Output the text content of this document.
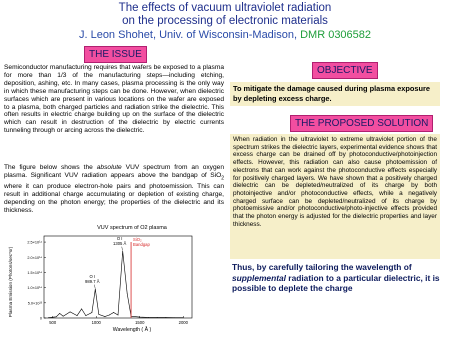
The effects of vacuum ultraviolet radiation
on the processing of electronic materials
J. Leon Shohet, Univ. of Wisconsin-Madison, DMR 0306582
THE ISSUE
Semiconductor manufacturing requires that wafers be exposed to a plasma for more than 1/3 of the manufacturing steps—including etching, deposition, ashing, etc. In many cases, plasma processing is the only way in which these manufacturing steps can be done. However, when dielectric surfaces which are present in various locations on the wafer are exposed to a plasma, both charged particles and radiation strike the dielectric. This often results in electric charge building up on the surface of the dielectric which can result in destruction of the dielectric by electric currents tunneling through or arcing across the dielectric.
The figure below shows the absolute VUV spectrum from an oxygen plasma. Significant VUV radiation appears above the bandgap of SiO$_2$ where it can produce electron-hole pairs and photoemission. This can result in additional charge accumulating or depletion of existing charge, depending on the photon energy; the properties of the dielectric and its thickness.
OBJECTIVE
To mitigate the damage caused during plasma exposure by depleting excess charge.
THE PROPOSED SOLUTION
When radiation in the ultraviolet to extreme ultraviolet portion of the spectrum strikes the dielectric layers, experimental evidence shows that excess charge can be drained off by photoconductive/photoinjection effects. However, this radiation can also cause photoemission of electrons that can work against the photoconductive effects especially for positively charged layers. We have shown that a positively charged dielectric can be depleted/neutralized of its charge by both photoinjective and/or photoconductive effects, while a negatively charged surface can be depleted/neutralized of its charge by photoemissive and/or photoconductive/photo-injective effects provided that the photon energy is adjusted for the dielectric properties and layer thickness.
Thus, by carefully tailoring the wavelength of supplemental radiation to a particular dielectric, it is possible to deplete the charge
VUV spectrum of O2 plasma
Plasma Emission (Photons/sec*sr)
Wavelength ( Å )
2.5×10¹⁴
2.0×10¹⁴
1.5×10¹⁴
1.0×10¹⁴
5.0×10¹³
0
500	1000	1500	2000
SiO₂
Bandgap
O I
989.7 Å
O I
1305 Å
